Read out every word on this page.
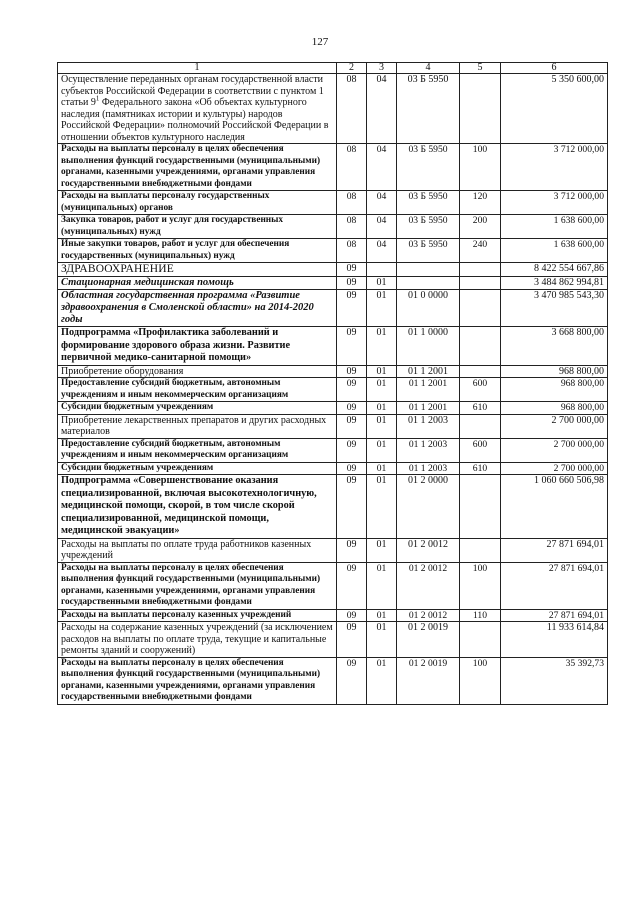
127
1	2	3	4	5	6
Осуществление переданных органам государственной власти субъектов Российской Федерации в соответствии с пунктом 1 статьи $9^1$ Федерального закона «Об объектах культурного наследия (памятниках истории и культуры) народов Российской Федерации» полномочий Российской Федерации в отношении объектов культурного наследия	08	04	03 Б 5950		5 350 600,00
Расходы на выплаты персоналу в целях обеспечения выполнения функций государственными (муниципальными) органами, казенными учреждениями, органами управления государственными внебюджетными фондами	08	04	03 Б 5950	100	3 712 000,00
Расходы на выплаты персоналу государственных (муниципальных) органов	08	04	03 Б 5950	120	3 712 000,00
Закупка товаров, работ и услуг для государственных (муниципальных) нужд	08	04	03 Б 5950	200	1 638 600,00
Иные закупки товаров, работ и услуг для обеспечения государственных (муниципальных) нужд	08	04	03 Б 5950	240	1 638 600,00
ЗДРАВООХРАНЕНИЕ	09				8 422 554 667,86
Стационарная медицинская помощь	09	01			3 484 862 994,81
Областная государственная программа «Развитие здравоохранения в Смоленской области» на 2014-2020 годы	09	01	01 0 0000		3 470 985 543,30
Подпрограмма «Профилактика заболеваний и формирование здорового образа жизни. Развитие первичной медико-санитарной помощи»	09	01	01 1 0000		3 668 800,00
Приобретение оборудования	09	01	01 1 2001		968 800,00
Предоставление субсидий бюджетным, автономным учреждениям и иным некоммерческим организациям	09	01	01 1 2001	600	968 800,00
Субсидии бюджетным учреждениям	09	01	01 1 2001	610	968 800,00
Приобретение лекарственных препаратов и других расходных материалов	09	01	01 1 2003		2 700 000,00
Предоставление субсидий бюджетным, автономным учреждениям и иным некоммерческим организациям	09	01	01 1 2003	600	2 700 000,00
Субсидии бюджетным учреждениям	09	01	01 1 2003	610	2 700 000,00
Подпрограмма «Совершенствование оказания специализированной, включая высокотехнологичную, медицинской помощи, скорой, в том числе скорой специализированной, медицинской помощи, медицинской эвакуации»	09	01	01 2 0000		1 060 660 506,98
Расходы на выплаты по оплате труда работников казенных учреждений	09	01	01 2 0012		27 871 694,01
Расходы на выплаты персоналу в целях обеспечения выполнения функций государственными (муниципальными) органами, казенными учреждениями, органами управления государственными внебюджетными фондами	09	01	01 2 0012	100	27 871 694,01
Расходы на выплаты персоналу казенных учреждений	09	01	01 2 0012	110	27 871 694,01
Расходы на содержание казенных учреждений (за исключением расходов на выплаты по оплате труда, текущие и капитальные ремонты зданий и сооружений)	09	01	01 2 0019		11 933 614,84
Расходы на выплаты персоналу в целях обеспечения выполнения функций государственными (муниципальными) органами, казенными учреждениями, органами управления государственными внебюджетными фондами	09	01	01 2 0019	100	35 392,73
